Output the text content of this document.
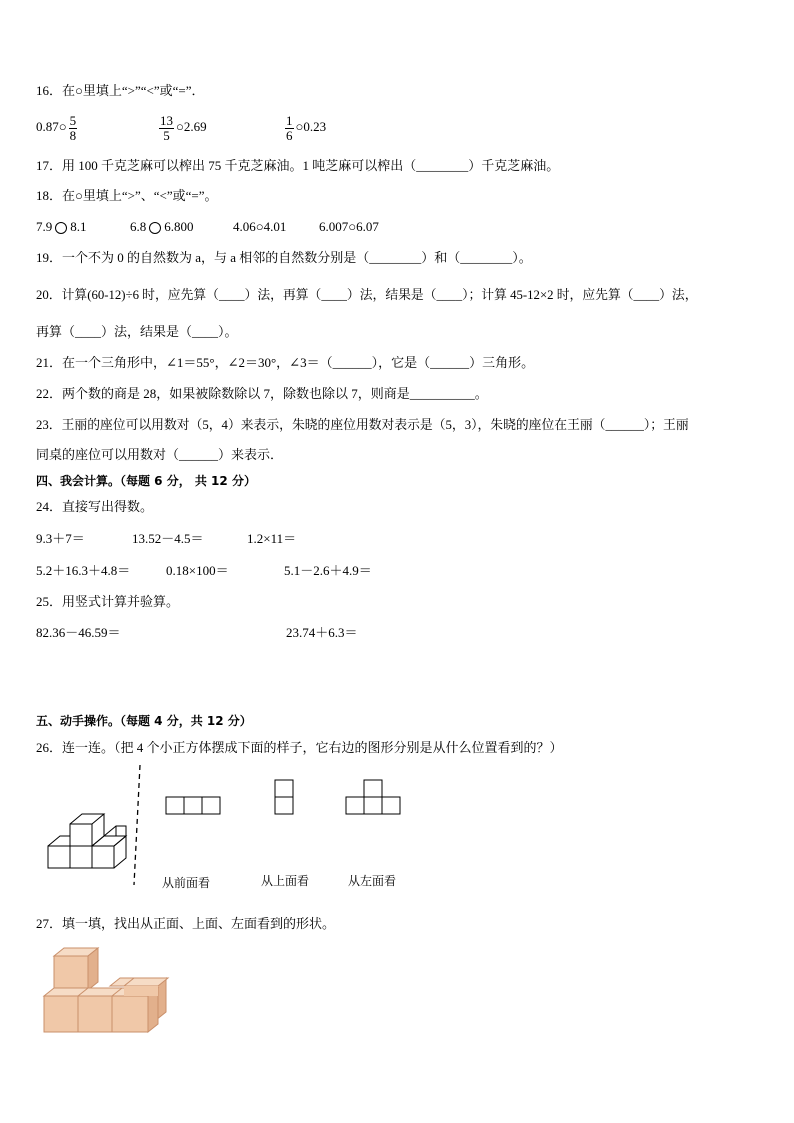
16．在○里填上“>”“<”或“=”．
0.87○ $\frac{5}{8}$	$\frac{13}{5}$ ○2.69	$\frac{1}{6}$ ○0.23
17．用 100 千克芝麻可以榨出 75 千克芝麻油。1 吨芝麻可以榨出（________）千克芝麻油。
18．在○里填上“>”、“<”或“=”。
7.9 8.1	6.8 6.800	4.06○4.01	6.007○6.07
19．一个不为 0 的自然数为 a，与 a 相邻的自然数分别是（________）和（________）。
20．计算(60-12)÷6 时，应先算（____）法，再算（____）法，结果是（____）；计算 45-12×2 时，应先算（____）法，
再算（____）法，结果是（____）。
21．在一个三角形中，∠1＝55°，∠2＝30°，∠3＝（______），它是（______）三角形。
22．两个数的商是 28，如果被除数除以 7，除数也除以 7，则商是__________。
23．王丽的座位可以用数对（5，4）来表示，朱晓的座位用数对表示是（5，3），朱晓的座位在王丽（______）；王丽
同桌的座位可以用数对（______）来表示．
四、我会计算。（每题 6 分， 共 12 分）
24．直接写出得数。
9.3＋7＝	13.52－4.5＝	1.2×11＝
5.2＋16.3＋4.8＝	0.18×100＝	5.1－2.6＋4.9＝
25．用竖式计算并验算。
82.36－46.59＝	23.74＋6.3＝
五、动手操作。（每题 4 分，共 12 分）
26．连一连。（把 4 个小正方体摆成下面的样子，它右边的图形分别是从什么位置看到的？）
从前面看	从上面看	从左面看
27．填一填，找出从正面、上面、左面看到的形状。
